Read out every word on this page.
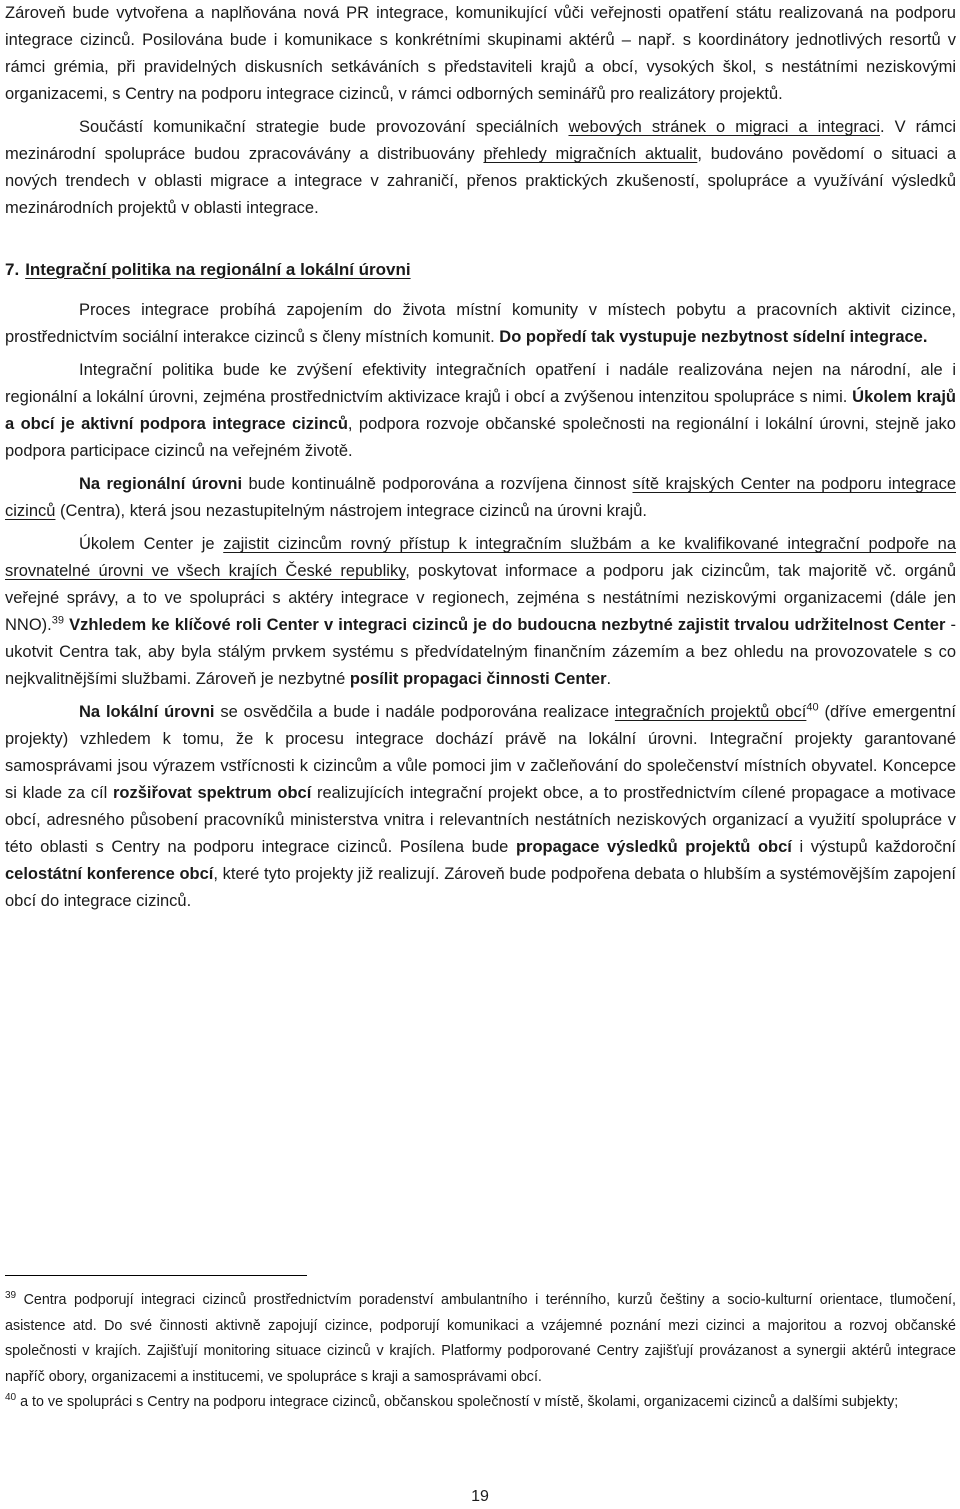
Zároveň bude vytvořena a naplňována nová PR integrace, komunikující vůči veřejnosti opatření státu realizovaná na podporu integrace cizinců. Posilována bude i komunikace s konkrétními skupinami aktérů – např. s koordinátory jednotlivých resortů v rámci grémia, při pravidelných diskusních setkáváních s představiteli krajů a obcí, vysokých škol, s nestátními neziskovými organizacemi, s Centry na podporu integrace cizinců, v rámci odborných seminářů pro realizátory projektů.

Součástí komunikační strategie bude provozování speciálních webových stránek o migraci a integraci. V rámci mezinárodní spolupráce budou zpracovávány a distribuovány přehledy migračních aktualit, budováno povědomí o situaci a nových trendech v oblasti migrace a integrace v zahraničí, přenos praktických zkušeností, spolupráce a využívání výsledků mezinárodních projektů v oblasti integrace.

7. Integrační politika na regionální a lokální úrovni

Proces integrace probíhá zapojením do života místní komunity v místech pobytu a pracovních aktivit cizince, prostřednictvím sociální interakce cizinců s členy místních komunit. Do popředí tak vystupuje nezbytnost sídelní integrace.

Integrační politika bude ke zvýšení efektivity integračních opatření i nadále realizována nejen na národní, ale i regionální a lokální úrovni, zejména prostřednictvím aktivizace krajů i obcí a zvýšenou intenzitou spolupráce s nimi. Úkolem krajů a obcí je aktivní podpora integrace cizinců, podpora rozvoje občanské společnosti na regionální i lokální úrovni, stejně jako podpora participace cizinců na veřejném životě.

Na regionální úrovni bude kontinuálně podporována a rozvíjena činnost sítě krajských Center na podporu integrace cizinců (Centra), která jsou nezastupitelným nástrojem integrace cizinců na úrovni krajů.

Úkolem Center je zajistit cizincům rovný přístup k integračním službám a ke kvalifikované integrační podpoře na srovnatelné úrovni ve všech krajích České republiky, poskytovat informace a podporu jak cizincům, tak majoritě vč. orgánů veřejné správy, a to ve spolupráci s aktéry integrace v regionech, zejména s nestátními neziskovými organizacemi (dále jen NNO).$^{39}$ Vzhledem ke klíčové roli Center v integraci cizinců je do budoucna nezbytné zajistit trvalou udržitelnost Center - ukotvit Centra tak, aby byla stálým prvkem systému s předvídatelným finančním zázemím a bez ohledu na provozovatele s co nejkvalitnějšími službami. Zároveň je nezbytné posílit propagaci činnosti Center.

Na lokální úrovni se osvědčila a bude i nadále podporována realizace integračních projektů obcí$^{40}$ (dříve emergentní projekty) vzhledem k tomu, že k procesu integrace dochází právě na lokální úrovni. Integrační projekty garantované samosprávami jsou výrazem vstřícnosti k cizincům a vůle pomoci jim v začleňování do společenství místních obyvatel. Koncepce si klade za cíl rozšiřovat spektrum obcí realizujících integrační projekt obce, a to prostřednictvím cílené propagace a motivace obcí, adresného působení pracovníků ministerstva vnitra i relevantních nestátních neziskových organizací a využití spolupráce v této oblasti s Centry na podporu integrace cizinců. Posílena bude propagace výsledků projektů obcí i výstupů každoroční celostátní konference obcí, které tyto projekty již realizují. Zároveň bude podpořena debata o hlubším a systémovějším zapojení obcí do integrace cizinců.

$^{39}$ Centra podporují integraci cizinců prostřednictvím poradenství ambulantního i terénního, kurzů češtiny a socio-kulturní orientace, tlumočení, asistence atd. Do své činnosti aktivně zapojují cizince, podporují komunikaci a vzájemné poznání mezi cizinci a majoritou a rozvoj občanské společnosti v krajích. Zajišťují monitoring situace cizinců v krajích. Platformy podporované Centry zajišťují provázanost a synergii aktérů integrace napříč obory, organizacemi a institucemi, ve spolupráce s kraji a samosprávami obcí.

$^{40}$ a to ve spolupráci s Centry na podporu integrace cizinců, občanskou společností v místě, školami, organizacemi cizinců a dalšími subjekty;

19
